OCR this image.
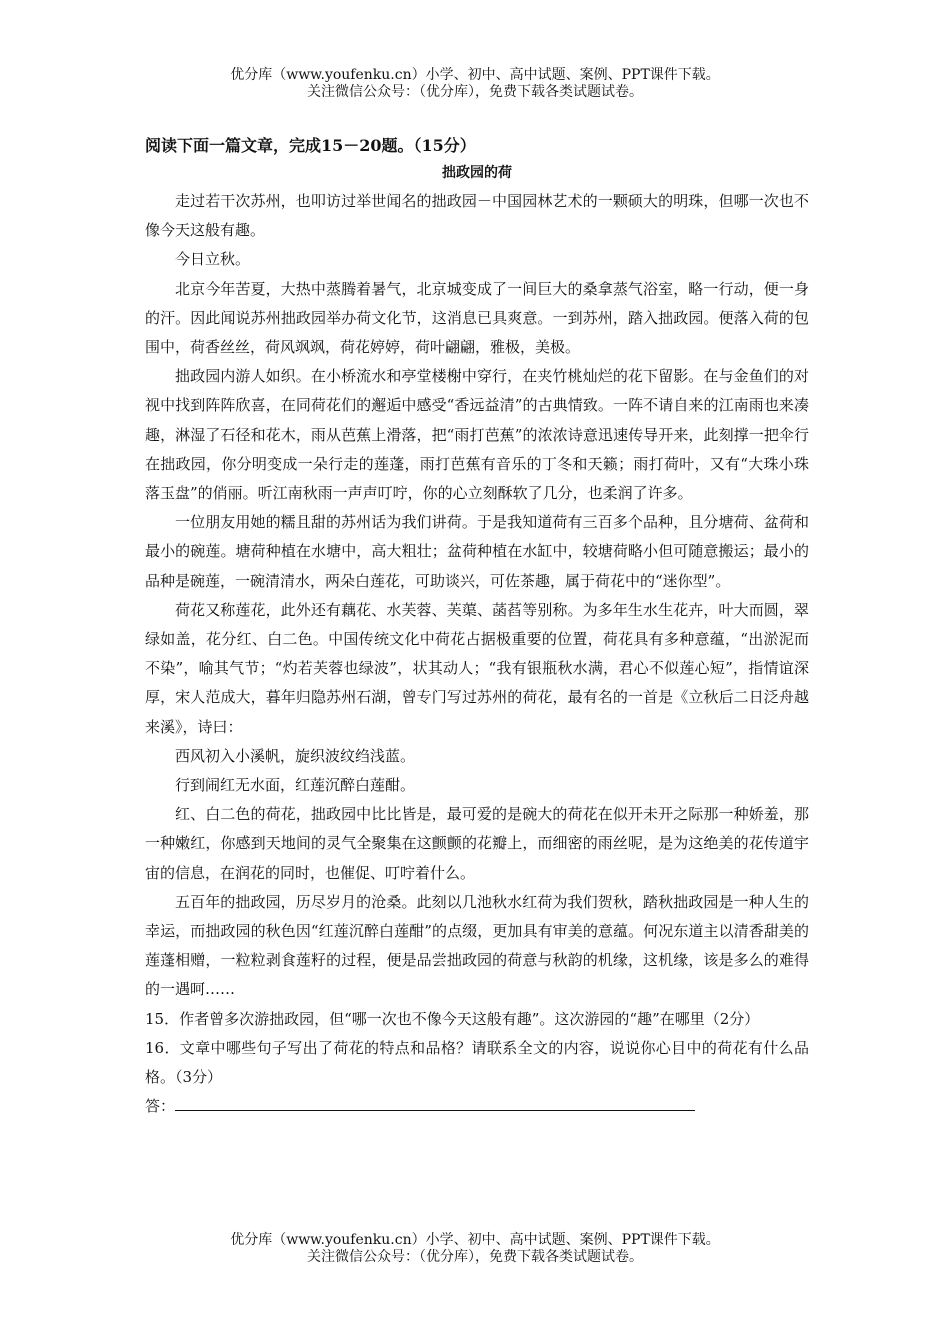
优分库（www.youfenku.cn）小学、初中、高中试题、案例、PPT课件下载。
关注微信公众号：（优分库），免费下载各类试题试卷。
阅读下面一篇文章，完成15－20题。（15分）
拙政园的荷

走过若干次苏州，也叩访过举世闻名的拙政园－中国园林艺术的一颗硕大的明珠，但哪一次也不像今天这般有趣。

今日立秋。

北京今年苦夏，大热中蒸腾着暑气，北京城变成了一间巨大的桑拿蒸气浴室，略一行动，便一身的汗。因此闻说苏州拙政园举办荷文化节，这消息已具爽意。一到苏州，踏入拙政园。便落入荷的包围中，荷香丝丝，荷风飒飒，荷花婷婷，荷叶翩翩，雅极，美极。

拙政园内游人如织。在小桥流水和亭堂楼榭中穿行，在夹竹桃灿烂的花下留影。在与金鱼们的对视中找到阵阵欣喜，在同荷花们的邂逅中感受“香远益清”的古典情致。一阵不请自来的江南雨也来凑趣，淋湿了石径和花木，雨从芭蕉上滑落，把“雨打芭蕉”的浓浓诗意迅速传导开来，此刻撑一把伞行在拙政园，你分明变成一朵行走的莲蓬，雨打芭蕉有音乐的丁冬和天籁；雨打荷叶，又有“大珠小珠落玉盘”的俏丽。听江南秋雨一声声叮咛，你的心立刻酥软了几分，也柔润了许多。

一位朋友用她的糯且甜的苏州话为我们讲荷。于是我知道荷有三百多个品种，且分塘荷、盆荷和最小的碗莲。塘荷种植在水塘中，高大粗壮；盆荷种植在水缸中，较塘荷略小但可随意搬运；最小的品种是碗莲，一碗清清水，两朵白莲花，可助谈兴，可佐茶趣，属于荷花中的“迷你型”。

荷花又称莲花，此外还有藕花、水芙蓉、芙蕖、菡萏等别称。为多年生水生花卉，叶大而圆，翠绿如盖，花分红、白二色。中国传统文化中荷花占据极重要的位置，荷花具有多种意蕴，“出淤泥而不染”，喻其气节；“灼若芙蓉也绿波”，状其动人；“我有银瓶秋水满，君心不似莲心短”，指情谊深厚，宋人范成大，暮年归隐苏州石湖，曾专门写过苏州的荷花，最有名的一首是《立秋后二日泛舟越来溪》，诗曰：

西风初入小溪帆，旋织波纹绉浅蓝。

行到闹红无水面，红莲沉醉白莲酣。

红、白二色的荷花，拙政园中比比皆是，最可爱的是碗大的荷花在似开未开之际那一种娇羞，那一种嫩红，你感到天地间的灵气全聚集在这颤颤的花瓣上，而细密的雨丝呢，是为这绝美的花传道宇宙的信息，在润花的同时，也催促、叮咛着什么。

五百年的拙政园，历尽岁月的沧桑。此刻以几池秋水红荷为我们贺秋，踏秋拙政园是一种人生的幸运，而拙政园的秋色因“红莲沉醉白莲酣”的点缀，更加具有审美的意蕴。何况东道主以清香甜美的莲蓬相赠，一粒粒剥食莲籽的过程，便是品尝拙政园的荷意与秋韵的机缘，这机缘，该是多么的难得的一遇呵……

15．作者曾多次游拙政园，但“哪一次也不像今天这般有趣”。这次游园的“趣”在哪里（2分）

16．文章中哪些句子写出了荷花的特点和品格？请联系全文的内容，说说你心目中的荷花有什么品格。（3分）

答：

优分库（www.youfenku.cn）小学、初中、高中试题、案例、PPT课件下载。
关注微信公众号：（优分库），免费下载各类试题试卷。
